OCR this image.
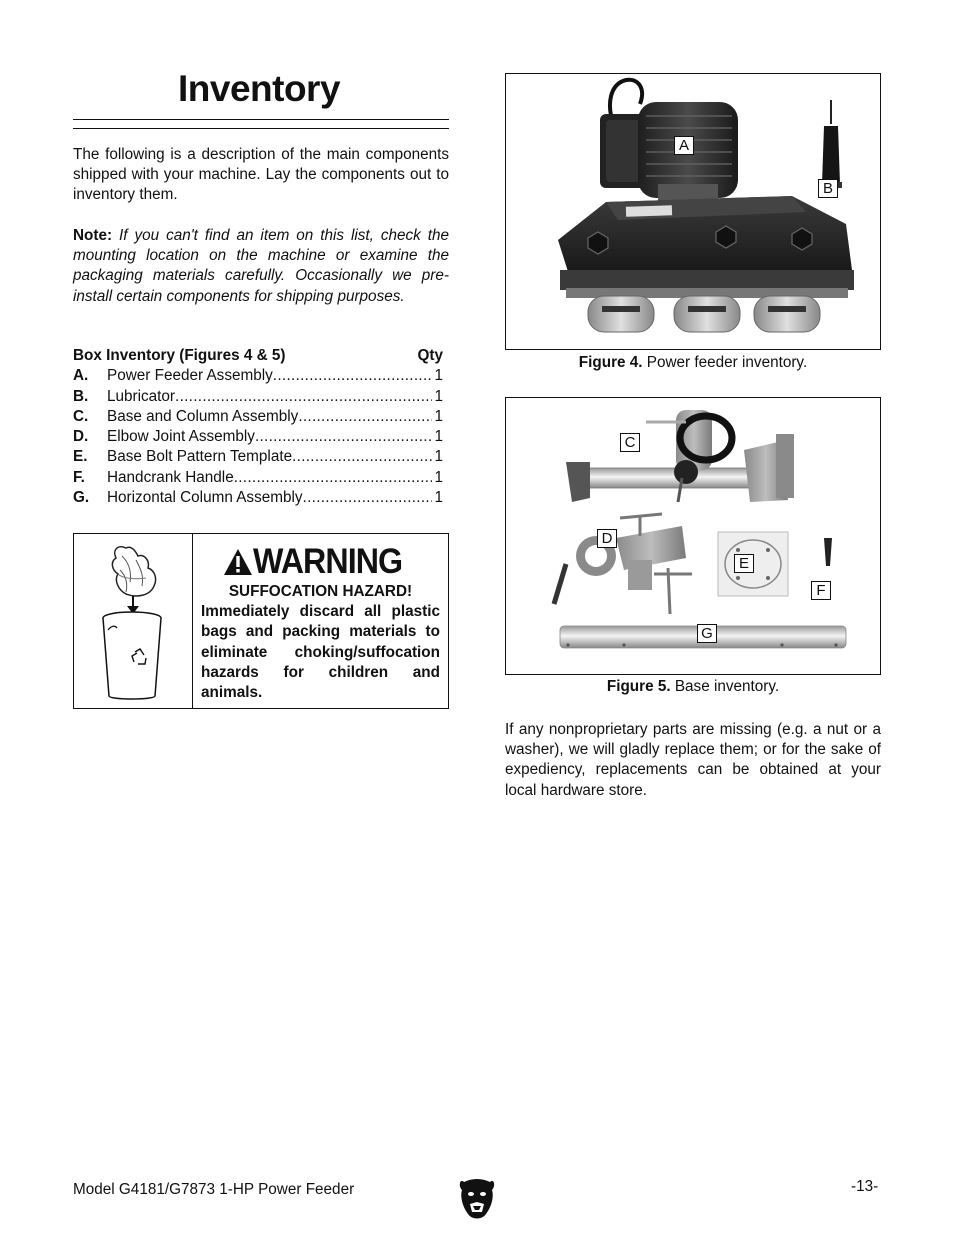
Inventory

The following is a description of the main components shipped with your machine. Lay the components out to inventory them.

Note: If you can't find an item on this list, check the mounting location on the machine or examine the packaging materials carefully. Occasionally we pre-install certain components for shipping purposes.

Box Inventory (Figures 4 & 5)	Qty
A.	Power Feeder Assembly .....	1
B.	Lubricator .....	1
C.	Base and Column Assembly .....	1
D.	Elbow Joint Assembly .....	1
E.	Base Bolt Pattern Template .....	1
F.	Handcrank Handle .....	1
G.	Horizontal Column Assembly .....	1
WARNING
SUFFOCATION HAZARD!
Immediately discard all plastic bags and packing materials to eliminate choking/suffocation hazards for children and animals.
A
B
Figure 4. Power feeder inventory.
C
D
E
F
G
Figure 5. Base inventory.

If any nonproprietary parts are missing (e.g. a nut or a washer), we will gladly replace them; or for the sake of expediency, replacements can be obtained at your local hardware store.

Model G4181/G7873 1-HP Power Feeder	-13-
